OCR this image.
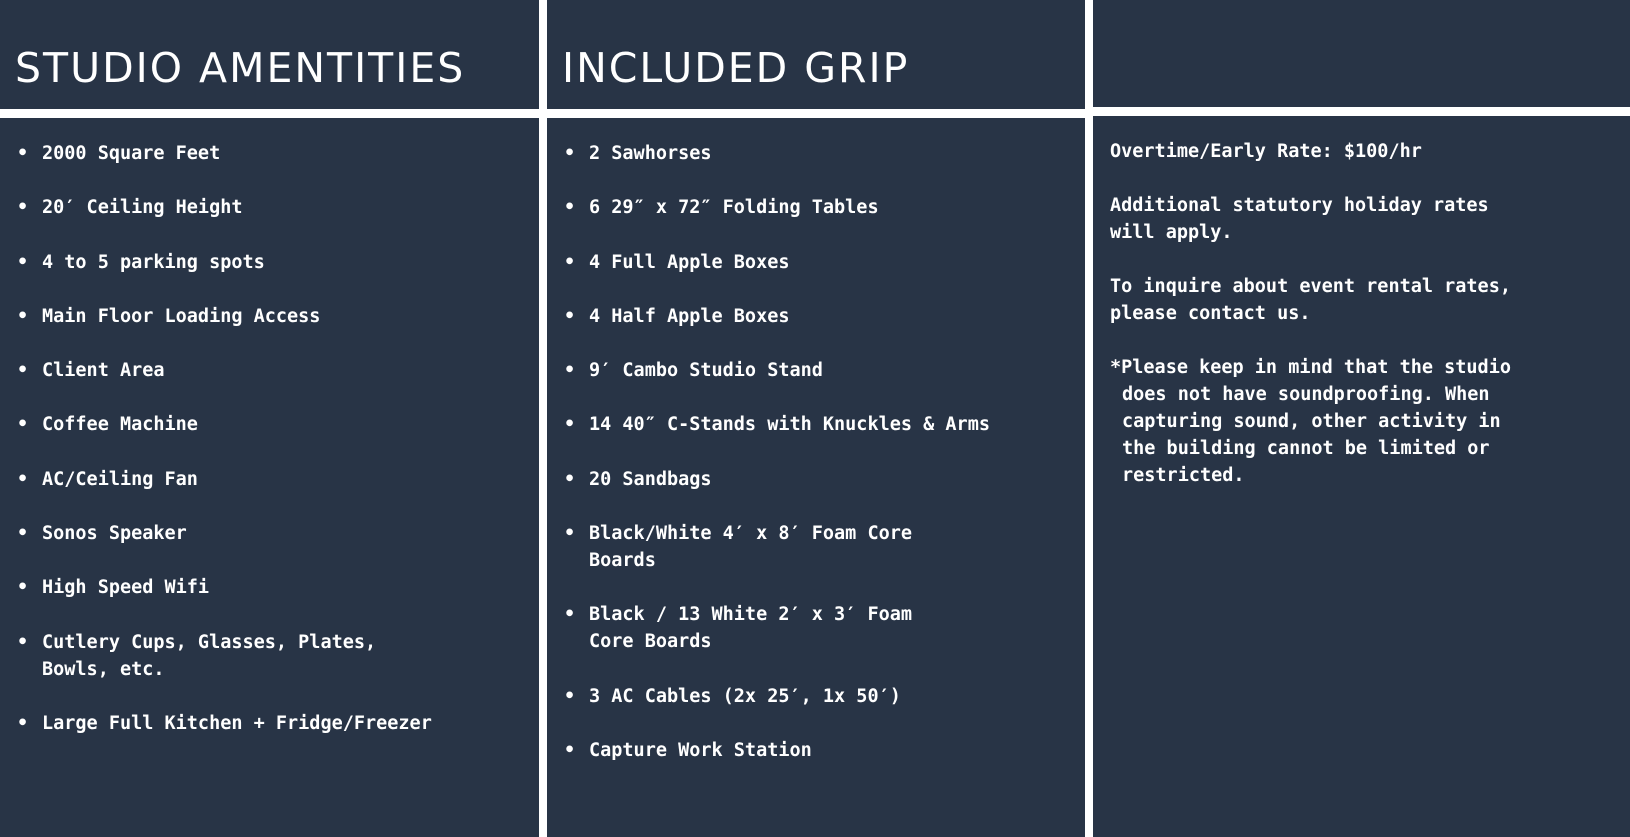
STUDIO AMENTITIES INCLUDED GRIP
• 2000 Square Feet
• 20′ Ceiling Height
• 4 to 5 parking spots
• Main Floor Loading Access
• Client Area
• Coffee Machine
• AC/Ceiling Fan
• Sonos Speaker
• High Speed Wifi
• Cutlery Cups, Glasses, Plates,
Bowls, etc.
• Large Full Kitchen + Fridge/Freezer
• 2 Sawhorses
• 6 29″ x 72″ Folding Tables
• 4 Full Apple Boxes
• 4 Half Apple Boxes
• 9′ Cambo Studio Stand
• 14 40″ C-Stands with Knuckles & Arms
• 20 Sandbags
• Black/White 4′ x 8′ Foam Core
Boards
• Black / 13 White 2′ x 3′ Foam
Core Boards
• 3 AC Cables (2x 25′, 1x 50′)
• Capture Work Station

Overtime/Early Rate: $100/hr

Additional statutory holiday rates
will apply.

To inquire about event rental rates,
please contact us.

*Please keep in mind that the studio
does not have soundproofing. When
capturing sound, other activity in
the building cannot be limited or
restricted.
